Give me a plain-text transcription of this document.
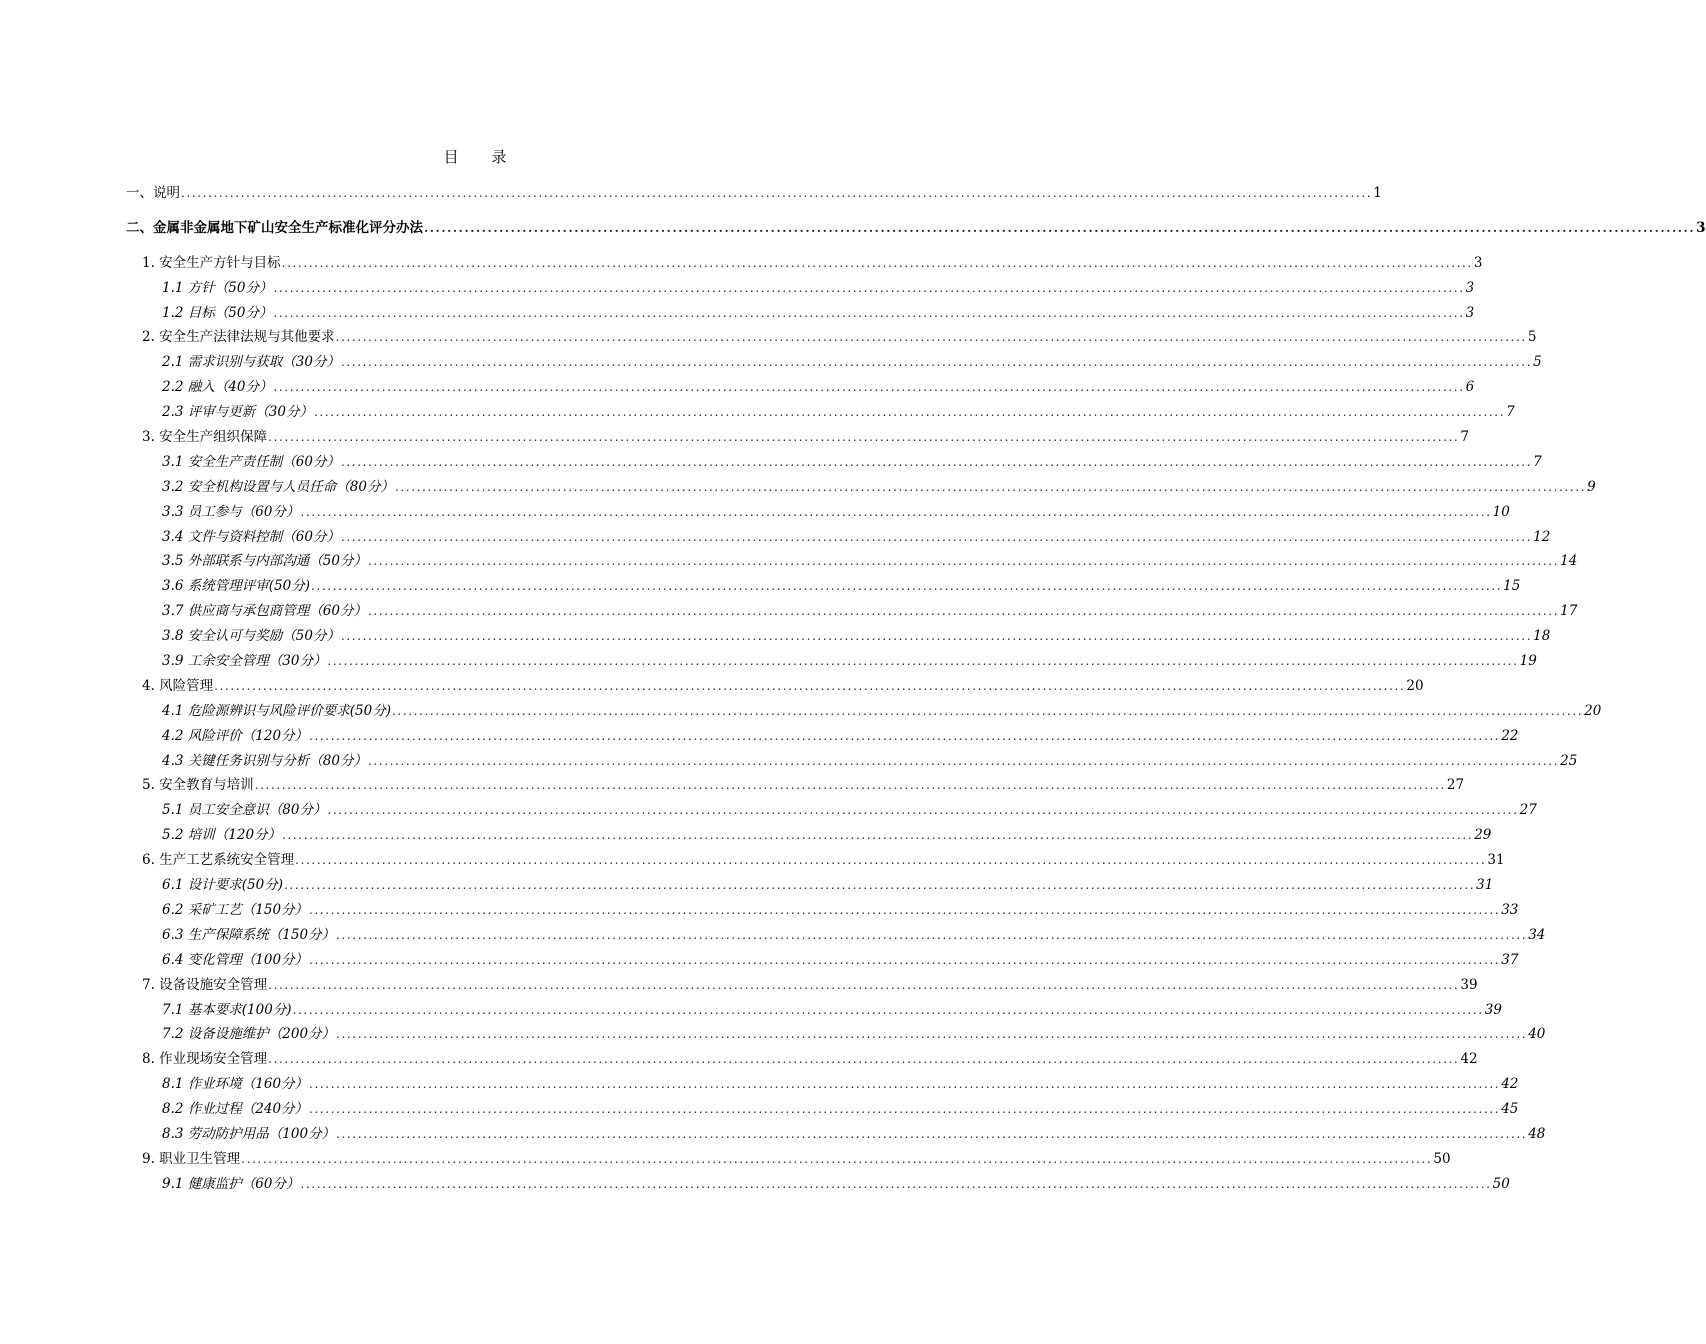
目 录
一、说明 ............................................................................................................................................................................................................................ 1
二、金属非金属地下矿山安全生产标准化评分办法 ............................................................................................................................................................................................................................ 3
1. 安全生产方针与目标 ............................................................................................................................................................................................................................ 3
1.1 方针（50分） ............................................................................................................................................................................................................................ 3
1.2 目标（50分） ............................................................................................................................................................................................................................ 3
2. 安全生产法律法规与其他要求 ............................................................................................................................................................................................................................ 5
2.1 需求识别与获取（30分） ............................................................................................................................................................................................................................ 5
2.2 融入（40分） ............................................................................................................................................................................................................................ 6
2.3 评审与更新（30分） ............................................................................................................................................................................................................................ 7
3. 安全生产组织保障 ............................................................................................................................................................................................................................ 7
3.1 安全生产责任制（60分） ............................................................................................................................................................................................................................ 7
3.2 安全机构设置与人员任命（80分） ............................................................................................................................................................................................................................ 9
3.3 员工参与（60分） ............................................................................................................................................................................................................................ 10
3.4 文件与资料控制（60分） ............................................................................................................................................................................................................................ 12
3.5 外部联系与内部沟通（50分） ............................................................................................................................................................................................................................ 14
3.6 系统管理评审(50分) ............................................................................................................................................................................................................................ 15
3.7 供应商与承包商管理（60分） ............................................................................................................................................................................................................................ 17
3.8 安全认可与奖励（50分） ............................................................................................................................................................................................................................ 18
3.9 工余安全管理（30分） ............................................................................................................................................................................................................................ 19
4. 风险管理 ............................................................................................................................................................................................................................ 20
4.1 危险源辨识与风险评价要求(50分) ............................................................................................................................................................................................................................ 20
4.2 风险评价（120分） ............................................................................................................................................................................................................................ 22
4.3 关键任务识别与分析（80分） ............................................................................................................................................................................................................................ 25
5. 安全教育与培训 ............................................................................................................................................................................................................................ 27
5.1 员工安全意识（80分） ............................................................................................................................................................................................................................ 27
5.2 培训（120分） ............................................................................................................................................................................................................................ 29
6. 生产工艺系统安全管理 ............................................................................................................................................................................................................................ 31
6.1 设计要求(50分) ............................................................................................................................................................................................................................ 31
6.2 采矿工艺（150分） ............................................................................................................................................................................................................................ 33
6.3 生产保障系统（150分） ............................................................................................................................................................................................................................ 34
6.4 变化管理（100分） ............................................................................................................................................................................................................................ 37
7. 设备设施安全管理 ............................................................................................................................................................................................................................ 39
7.1 基本要求(100分) ............................................................................................................................................................................................................................ 39
7.2 设备设施维护（200分） ............................................................................................................................................................................................................................ 40
8. 作业现场安全管理 ............................................................................................................................................................................................................................ 42
8.1 作业环境（160分） ............................................................................................................................................................................................................................ 42
8.2 作业过程（240分） ............................................................................................................................................................................................................................ 45
8.3 劳动防护用品（100分） ............................................................................................................................................................................................................................ 48
9. 职业卫生管理 ............................................................................................................................................................................................................................ 50
9.1 健康监护（60分） ............................................................................................................................................................................................................................ 50
